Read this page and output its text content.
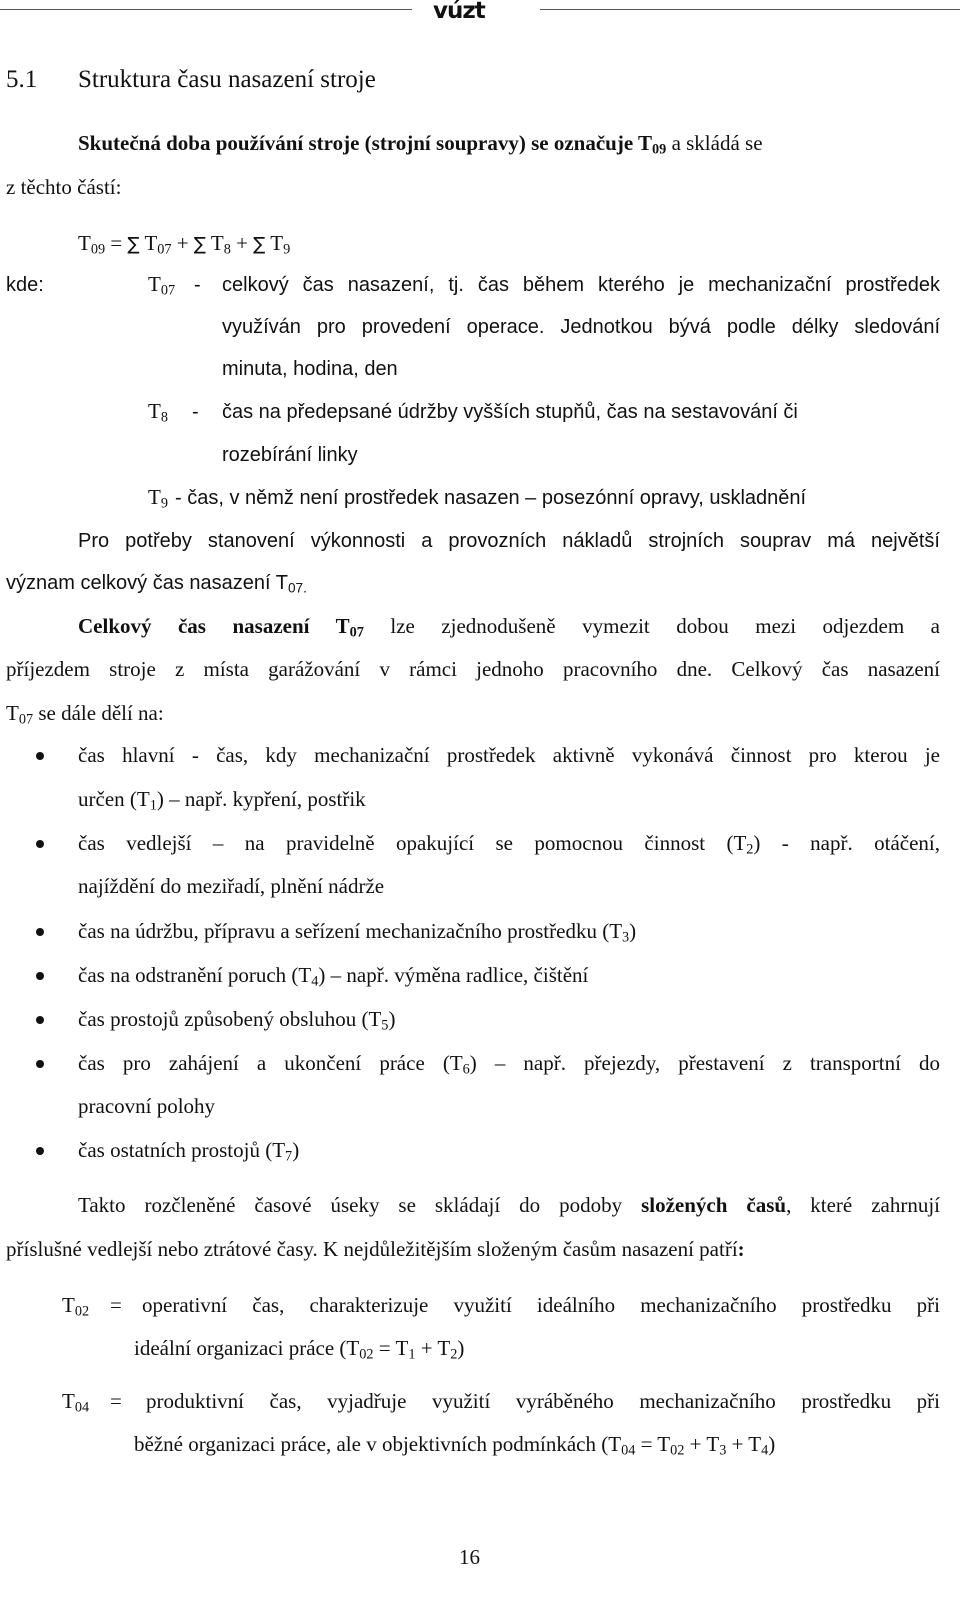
vúzt
5.1 Struktura času nasazení stroje
Skutečná doba používání stroje (strojní soupravy) se označuje $T_{09}$ a skládá se
z těchto částí:
$T_{09}$ = ∑ $T_{07}$ + ∑ $T_8$ + ∑ $T_9$
kde:	$T_{07}$ - celkový čas nasazení, tj. čas během kterého je mechanizační prostředek
využíván pro provedení operace. Jednotkou bývá podle délky sledování
minuta, hodina, den
$T_8$ - čas na předepsané údržby vyšších stupňů, čas na sestavování či
rozebírání linky
$T_9$ - čas, v němž není prostředek nasazen – posezónní opravy, uskladnění
Pro potřeby stanovení výkonnosti a provozních nákladů strojních souprav má největší
význam celkový čas nasazení $T_{07.}$
Celkový čas nasazení $T_{07}$ lze zjednodušeně vymezit dobou mezi odjezdem a
příjezdem stroje z místa garážování v rámci jednoho pracovního dne. Celkový čas nasazení
$T_{07}$ se dále dělí na:
čas hlavní - čas, kdy mechanizační prostředek aktivně vykonává činnost pro kterou je
určen $(T_1)$ – např. kypření, postřik
čas vedlejší – na pravidelně opakující se pomocnou činnost $(T_2)$ - např. otáčení,
najíždění do meziřadí, plnění nádrže
čas na údržbu, přípravu a seřízení mechanizačního prostředku $(T_3)$
čas na odstranění poruch $(T_4)$ – např. výměna radlice, čištění
čas prostojů způsobený obsluhou $(T_5)$
čas pro zahájení a ukončení práce $(T_6)$ – např. přejezdy, přestavení z transportní do
pracovní polohy
čas ostatních prostojů $(T_7)$
Takto rozčleněné časové úseky se skládají do podoby složených časů, které zahrnují
příslušné vedlejší nebo ztrátové časy. K nejdůležitějším složeným časům nasazení patří:
$T_{02}$ = operativní čas, charakterizuje využití ideálního mechanizačního prostředku při
ideální organizaci práce $(T_{02} = T_1 + T_2)$
$T_{04}$ = produktivní čas, vyjadřuje využití vyráběného mechanizačního prostředku při
běžné organizaci práce, ale v objektivních podmínkách $(T_{04} = T_{02} + T_3 + T_4)$
16
